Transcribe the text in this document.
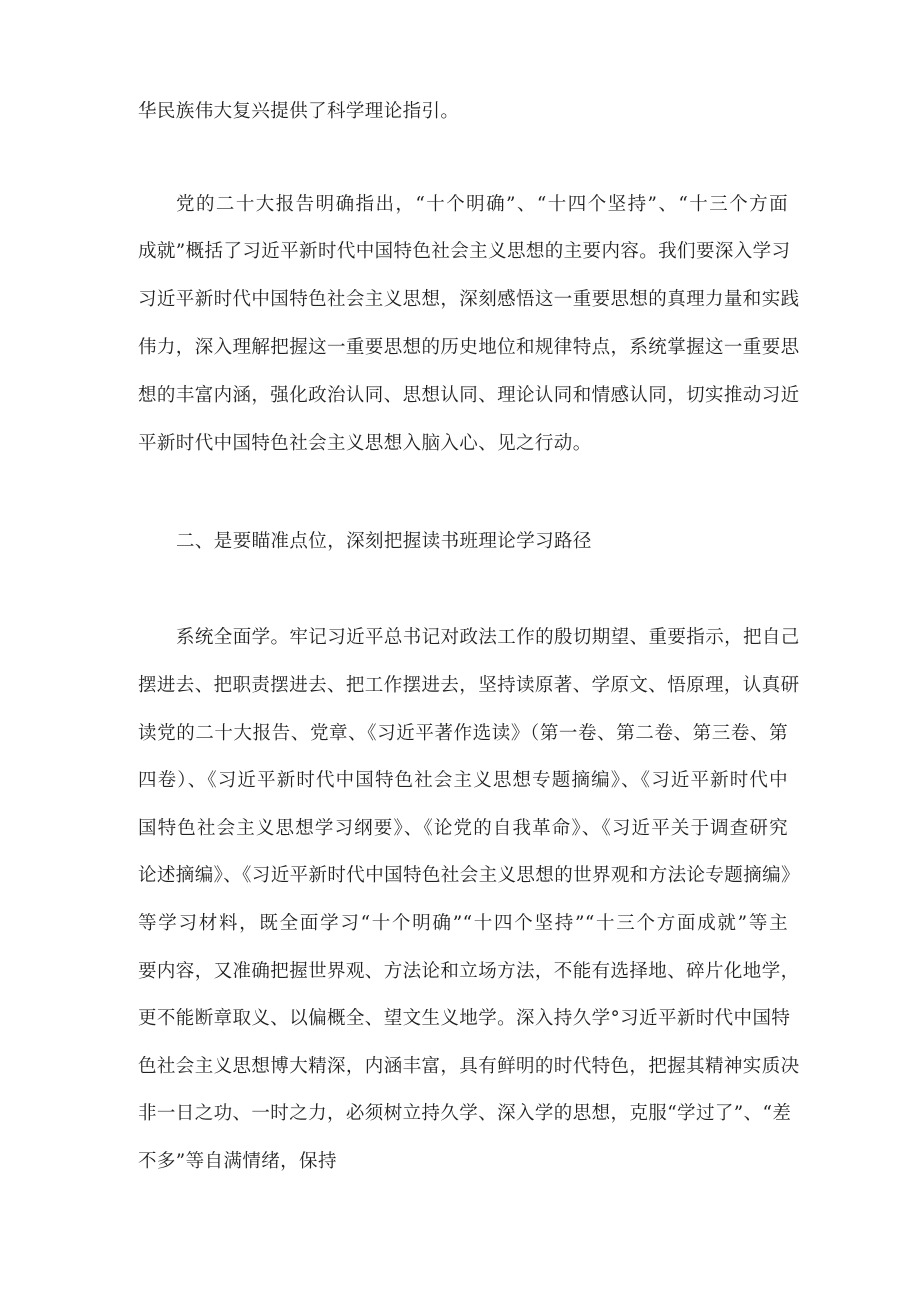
华民族伟大复兴提供了科学理论指引。
党的二十大报告明确指出，“十个明确”、“十四个坚持”、“十三个方面
成就”概括了习近平新时代中国特色社会主义思想的主要内容。我们要深入学习
习近平新时代中国特色社会主义思想，深刻感悟这一重要思想的真理力量和实践
伟力，深入理解把握这一重要思想的历史地位和规律特点，系统掌握这一重要思
想的丰富内涵，强化政治认同、思想认同、理论认同和情感认同，切实推动习近
平新时代中国特色社会主义思想入脑入心、见之行动。
二、是要瞄准点位，深刻把握读书班理论学习路径
系统全面学。牢记习近平总书记对政法工作的殷切期望、重要指示，把自己
摆进去、把职责摆进去、把工作摆进去，坚持读原著、学原文、悟原理，认真研
读党的二十大报告、党章、《习近平著作选读》（第一卷、第二卷、第三卷、第
四卷）、《习近平新时代中国特色社会主义思想专题摘编》、《习近平新时代中
国特色社会主义思想学习纲要》、《论党的自我革命》、《习近平关于调查研究
论述摘编》、《习近平新时代中国特色社会主义思想的世界观和方法论专题摘编》
等学习材料，既全面学习“十个明确”“十四个坚持”“十三个方面成就”等主
要内容，又准确把握世界观、方法论和立场方法，不能有选择地、碎片化地学，
更不能断章取义、以偏概全、望文生义地学。深入持久学°习近平新时代中国特
色社会主义思想博大精深，内涵丰富，具有鲜明的时代特色，把握其精神实质决
非一日之功、一时之力，必须树立持久学、深入学的思想，克服“学过了”、“差
不多”等自满情绪，保持
